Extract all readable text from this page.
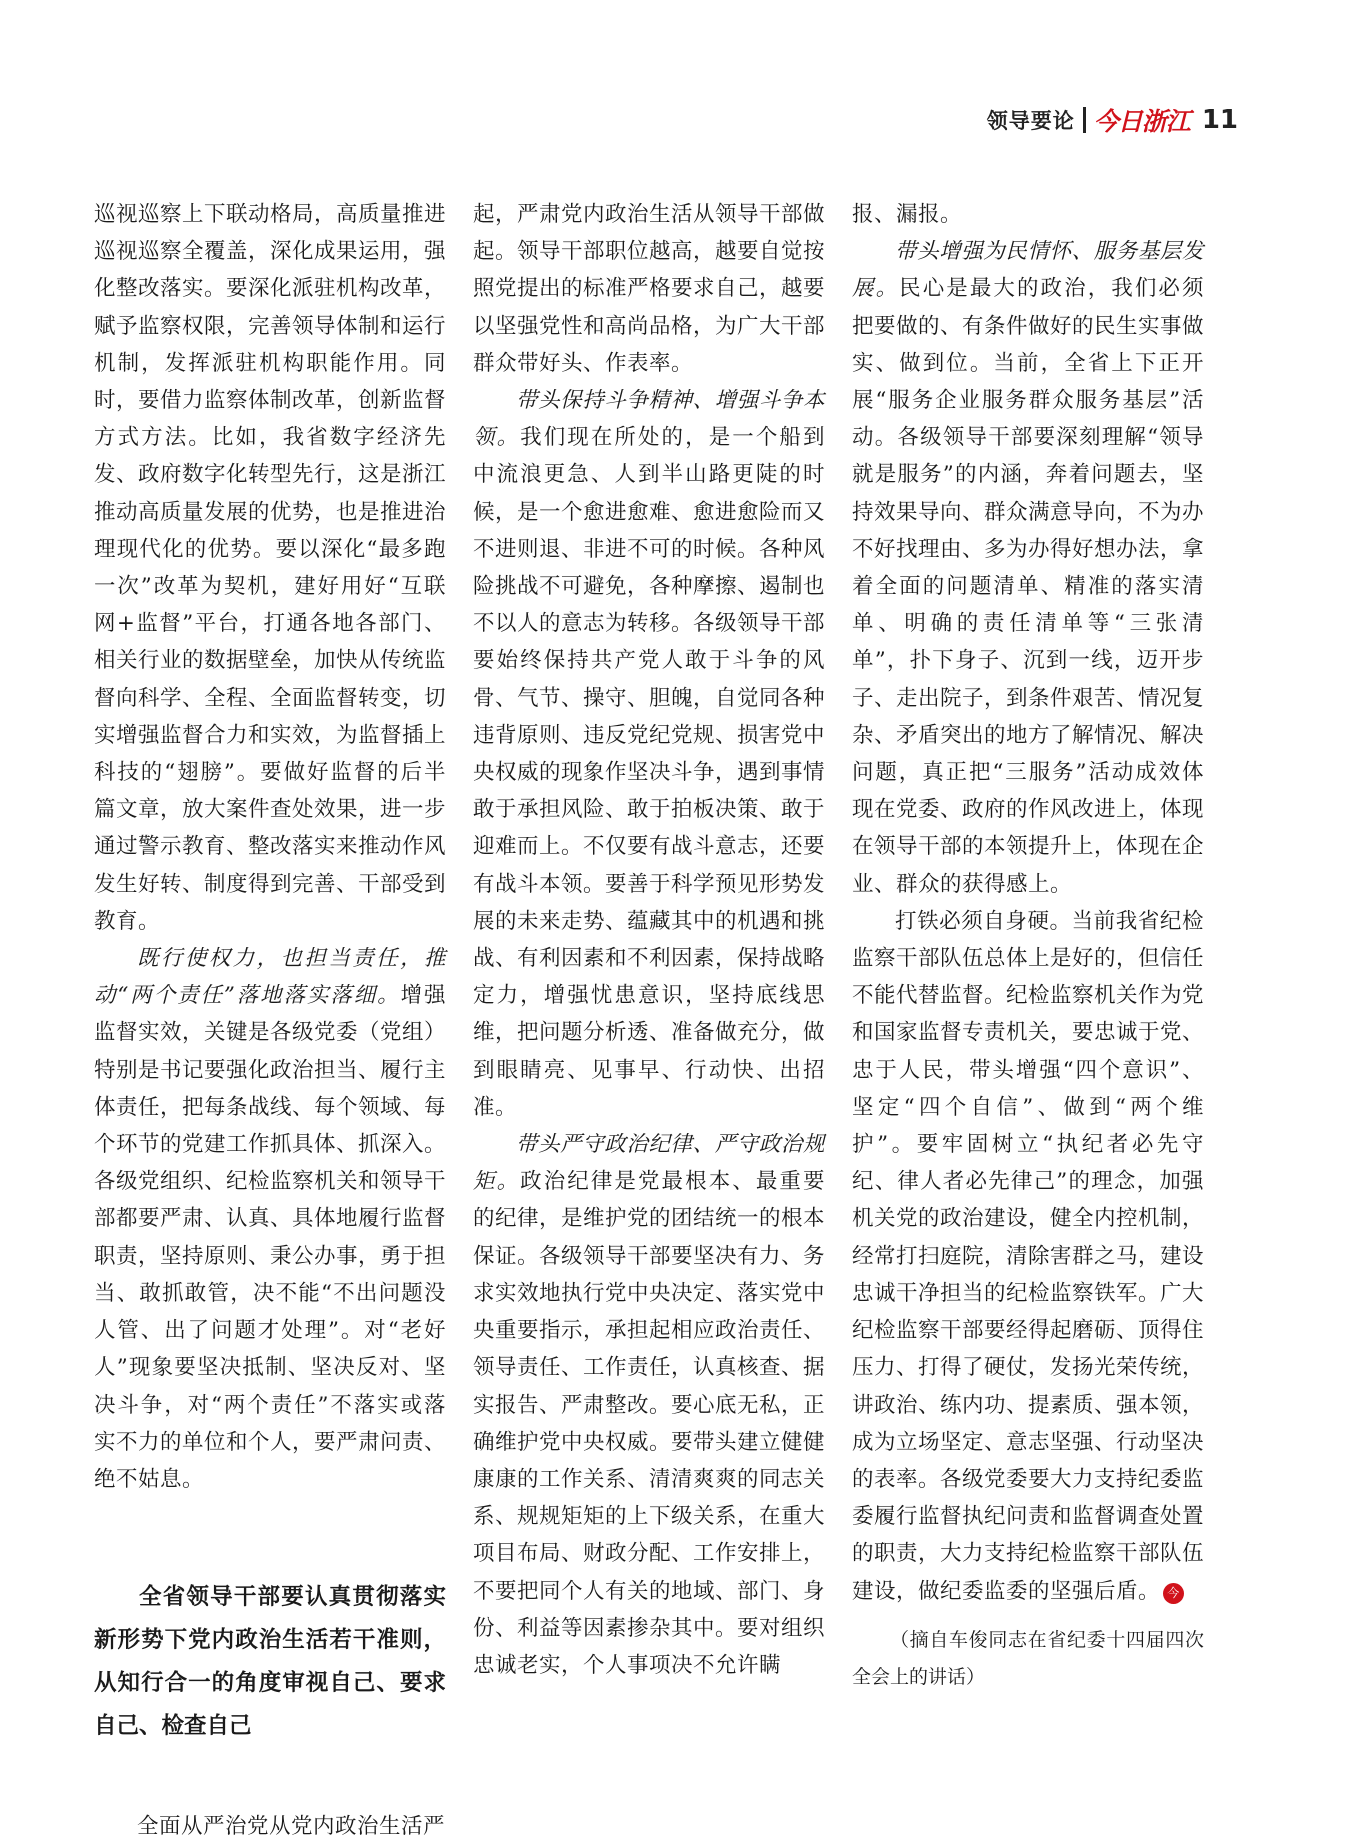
领导要论 今日浙江 11

巡视巡察上下联动格局，高质量推进巡视巡察全覆盖，深化成果运用，强化整改落实。要深化派驻机构改革，赋予监察权限，完善领导体制和运行机制，发挥派驻机构职能作用。同时，要借力监察体制改革，创新监督方式方法。比如，我省数字经济先发、政府数字化转型先行，这是浙江推动高质量发展的优势，也是推进治理现代化的优势。要以深化“最多跑一次”改革为契机，建好用好“互联网+监督”平台，打通各地各部门、相关行业的数据壁垒，加快从传统监督向科学、全程、全面监督转变，切实增强监督合力和实效，为监督插上科技的“翅膀”。要做好监督的后半篇文章，放大案件查处效果，进一步通过警示教育、整改落实来推动作风发生好转、制度得到完善、干部受到教育。

既行使权力，也担当责任，推动“两个责任”落地落实落细。增强监督实效，关键是各级党委（党组）特别是书记要强化政治担当、履行主体责任，把每条战线、每个领域、每个环节的党建工作抓具体、抓深入。各级党组织、纪检监察机关和领导干部都要严肃、认真、具体地履行监督职责，坚持原则、秉公办事，勇于担当、敢抓敢管，决不能“不出问题没人管、出了问题才处理”。对“老好人”现象要坚决抵制、坚决反对、坚决斗争，对“两个责任”不落实或落实不力的单位和个人，要严肃问责、绝不姑息。

全省领导干部要认真贯彻落实新形势下党内政治生活若干准则，从知行合一的角度审视自己、要求自己、检查自己

全面从严治党从党内政治生活严

起，严肃党内政治生活从领导干部做起。领导干部职位越高，越要自觉按照党提出的标准严格要求自己，越要以坚强党性和高尚品格，为广大干部群众带好头、作表率。

带头保持斗争精神、增强斗争本领。我们现在所处的，是一个船到中流浪更急、人到半山路更陡的时候，是一个愈进愈难、愈进愈险而又不进则退、非进不可的时候。各种风险挑战不可避免，各种摩擦、遏制也不以人的意志为转移。各级领导干部要始终保持共产党人敢于斗争的风骨、气节、操守、胆魄，自觉同各种违背原则、违反党纪党规、损害党中央权威的现象作坚决斗争，遇到事情敢于承担风险、敢于拍板决策、敢于迎难而上。不仅要有战斗意志，还要有战斗本领。要善于科学预见形势发展的未来走势、蕴藏其中的机遇和挑战、有利因素和不利因素，保持战略定力，增强忧患意识，坚持底线思维，把问题分析透、准备做充分，做到眼睛亮、见事早、行动快、出招准。

带头严守政治纪律、严守政治规矩。政治纪律是党最根本、最重要的纪律，是维护党的团结统一的根本保证。各级领导干部要坚决有力、务求实效地执行党中央决定、落实党中央重要指示，承担起相应政治责任、领导责任、工作责任，认真核查、据实报告、严肃整改。要心底无私，正确维护党中央权威。要带头建立健健康康的工作关系、清清爽爽的同志关系、规规矩矩的上下级关系，在重大项目布局、财政分配、工作安排上，不要把同个人有关的地域、部门、身份、利益等因素掺杂其中。要对组织忠诚老实，个人事项决不允许瞒

报、漏报。

带头增强为民情怀、服务基层发展。民心是最大的政治，我们必须把要做的、有条件做好的民生实事做实、做到位。当前，全省上下正开展“服务企业服务群众服务基层”活动。各级领导干部要深刻理解“领导就是服务”的内涵，奔着问题去，坚持效果导向、群众满意导向，不为办不好找理由、多为办得好想办法，拿着全面的问题清单、精准的落实清单、明确的责任清单等“三张清单”，扑下身子、沉到一线，迈开步子、走出院子，到条件艰苦、情况复杂、矛盾突出的地方了解情况、解决问题，真正把“三服务”活动成效体现在党委、政府的作风改进上，体现在领导干部的本领提升上，体现在企业、群众的获得感上。

打铁必须自身硬。当前我省纪检监察干部队伍总体上是好的，但信任不能代替监督。纪检监察机关作为党和国家监督专责机关，要忠诚于党、忠于人民，带头增强“四个意识”、坚定“四个自信”、做到“两个维护”。要牢固树立“执纪者必先守纪、律人者必先律己”的理念，加强机关党的政治建设，健全内控机制，经常打扫庭院，清除害群之马，建设忠诚干净担当的纪检监察铁军。广大纪检监察干部要经得起磨砺、顶得住压力、打得了硬仗，发扬光荣传统，讲政治、练内功、提素质、强本领，成为立场坚定、意志坚强、行动坚决的表率。各级党委要大力支持纪委监委履行监督执纪问责和监督调查处置的职责，大力支持纪检监察干部队伍建设，做纪委监委的坚强后盾。 今

（摘自车俊同志在省纪委十四届四次全会上的讲话）
